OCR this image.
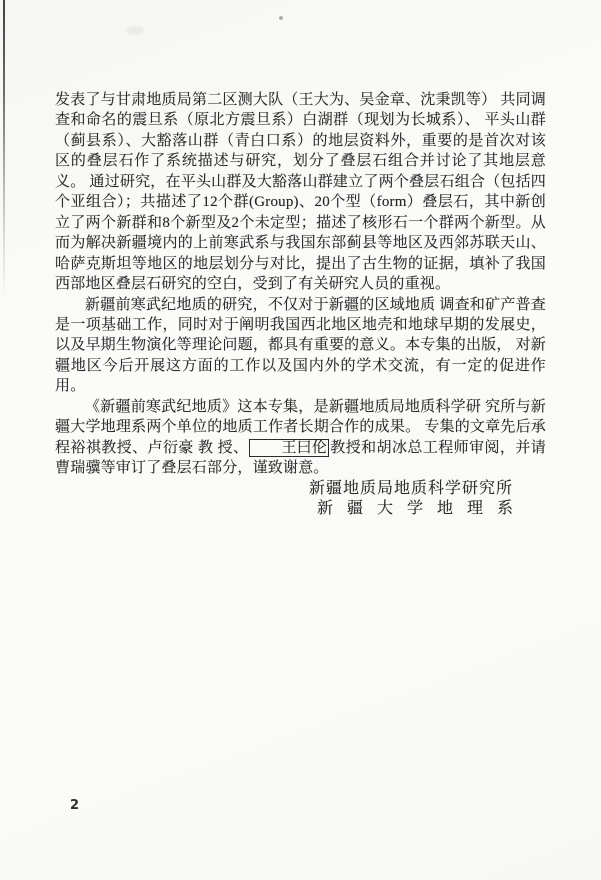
发表了与甘肃地质局第二区测大队（王大为、吴金章、沈秉凯等） 共同调查和命名的震旦系（原北方震旦系）白湖群（现划为长城系）、 平头山群（蓟县系）、大豁落山群（青白口系）的地层资料外，重要的是首次对该区的叠层石作了系统描述与研究，划分了叠层石组合并讨论了其地层意义。 通过研究，在平头山群及大豁落山群建立了两个叠层石组合（包括四个亚组合）；共描述了12个群(Group)、20个型（form）叠层石，其中新创立了两个新群和8个新型及2个未定型；描述了核形石一个群两个新型。从而为解决新疆境内的上前寒武系与我国东部蓟县等地区及西邻苏联天山、 哈萨克斯坦等地区的地层划分与对比，提出了古生物的证据，填补了我国 西部地区叠层石研究的空白，受到了有关研究人员的重视。

新疆前寒武纪地质的研究，不仅对于新疆的区域地质 调查和矿产普查是一项基础工作，同时对于阐明我国西北地区地壳和地球早期的发展史， 以及早期生物演化等理论问题，都具有重要的意义。本专集的出版， 对新疆地区今后开展这方面的工作以及国内外的学术交流，有一定的促进作用。

《新疆前寒武纪地质》这本专集，是新疆地质局地质科学研 究所与新疆大学地理系两个单位的地质工作者长期合作的成果。 专集的文章先后承程裕祺教授、卢衍豪 教 授、 王曰伦 教授和胡冰总工程师审阅，并请 曹瑞骥等审订了叠层石部分，谨致谢意。

新疆地质局地质科学研究所
新疆大学地理系
2
